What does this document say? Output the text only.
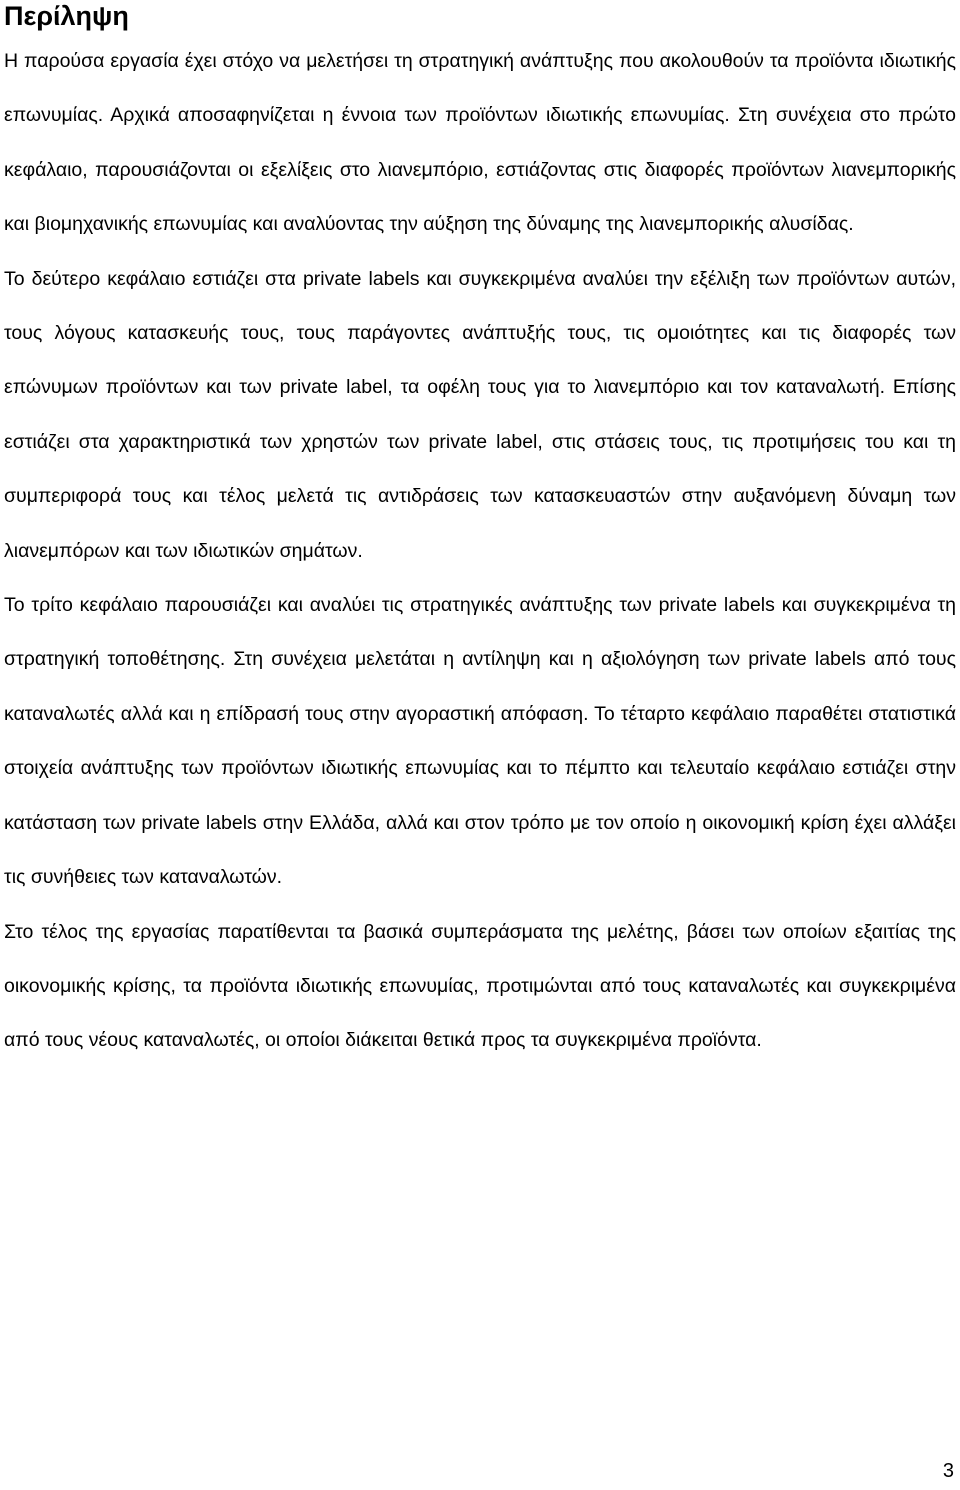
Περίληψη

Η παρούσα εργασία έχει στόχο να μελετήσει τη στρατηγική ανάπτυξης που ακολουθούν τα προϊόντα ιδιωτικής επωνυμίας. Αρχικά αποσαφηνίζεται η έννοια των προϊόντων ιδιωτικής επωνυμίας. Στη συνέχεια στο πρώτο κεφάλαιο, παρουσιάζονται οι εξελίξεις στο λιανεμπόριο, εστιάζοντας στις διαφορές προϊόντων λιανεμπορικής και βιομηχανικής επωνυμίας και αναλύοντας την αύξηση της δύναμης της λιανεμπορικής αλυσίδας.

Το δεύτερο κεφάλαιο εστιάζει στα private labels και συγκεκριμένα αναλύει την εξέλιξη των προϊόντων αυτών, τους λόγους κατασκευής τους, τους παράγοντες ανάπτυξής τους, τις ομοιότητες και τις διαφορές των επώνυμων προϊόντων και των private label, τα οφέλη τους για το λιανεμπόριο και τον καταναλωτή. Επίσης εστιάζει στα χαρακτηριστικά των χρηστών των private label, στις στάσεις τους, τις προτιμήσεις του και τη συμπεριφορά τους και τέλος μελετά τις αντιδράσεις των κατασκευαστών στην αυξανόμενη δύναμη των λιανεμπόρων και των ιδιωτικών σημάτων.

Το τρίτο κεφάλαιο παρουσιάζει και αναλύει τις στρατηγικές ανάπτυξης των private labels και συγκεκριμένα τη στρατηγική τοποθέτησης. Στη συνέχεια μελετάται η αντίληψη και η αξιολόγηση των private labels από τους καταναλωτές αλλά και η επίδρασή τους στην αγοραστική απόφαση. Το τέταρτο κεφάλαιο παραθέτει στατιστικά στοιχεία ανάπτυξης των προϊόντων ιδιωτικής επωνυμίας και το πέμπτο και τελευταίο κεφάλαιο εστιάζει στην κατάσταση των private labels στην Ελλάδα, αλλά και στον τρόπο με τον οποίο η οικονομική κρίση έχει αλλάξει τις συνήθειες των καταναλωτών.

Στο τέλος της εργασίας παρατίθενται τα βασικά συμπεράσματα της μελέτης, βάσει των οποίων εξαιτίας της οικονομικής κρίσης, τα προϊόντα ιδιωτικής επωνυμίας, προτιμώνται από τους καταναλωτές και συγκεκριμένα από τους νέους καταναλωτές, οι οποίοι διάκειται θετικά προς τα συγκεκριμένα προϊόντα.

3
